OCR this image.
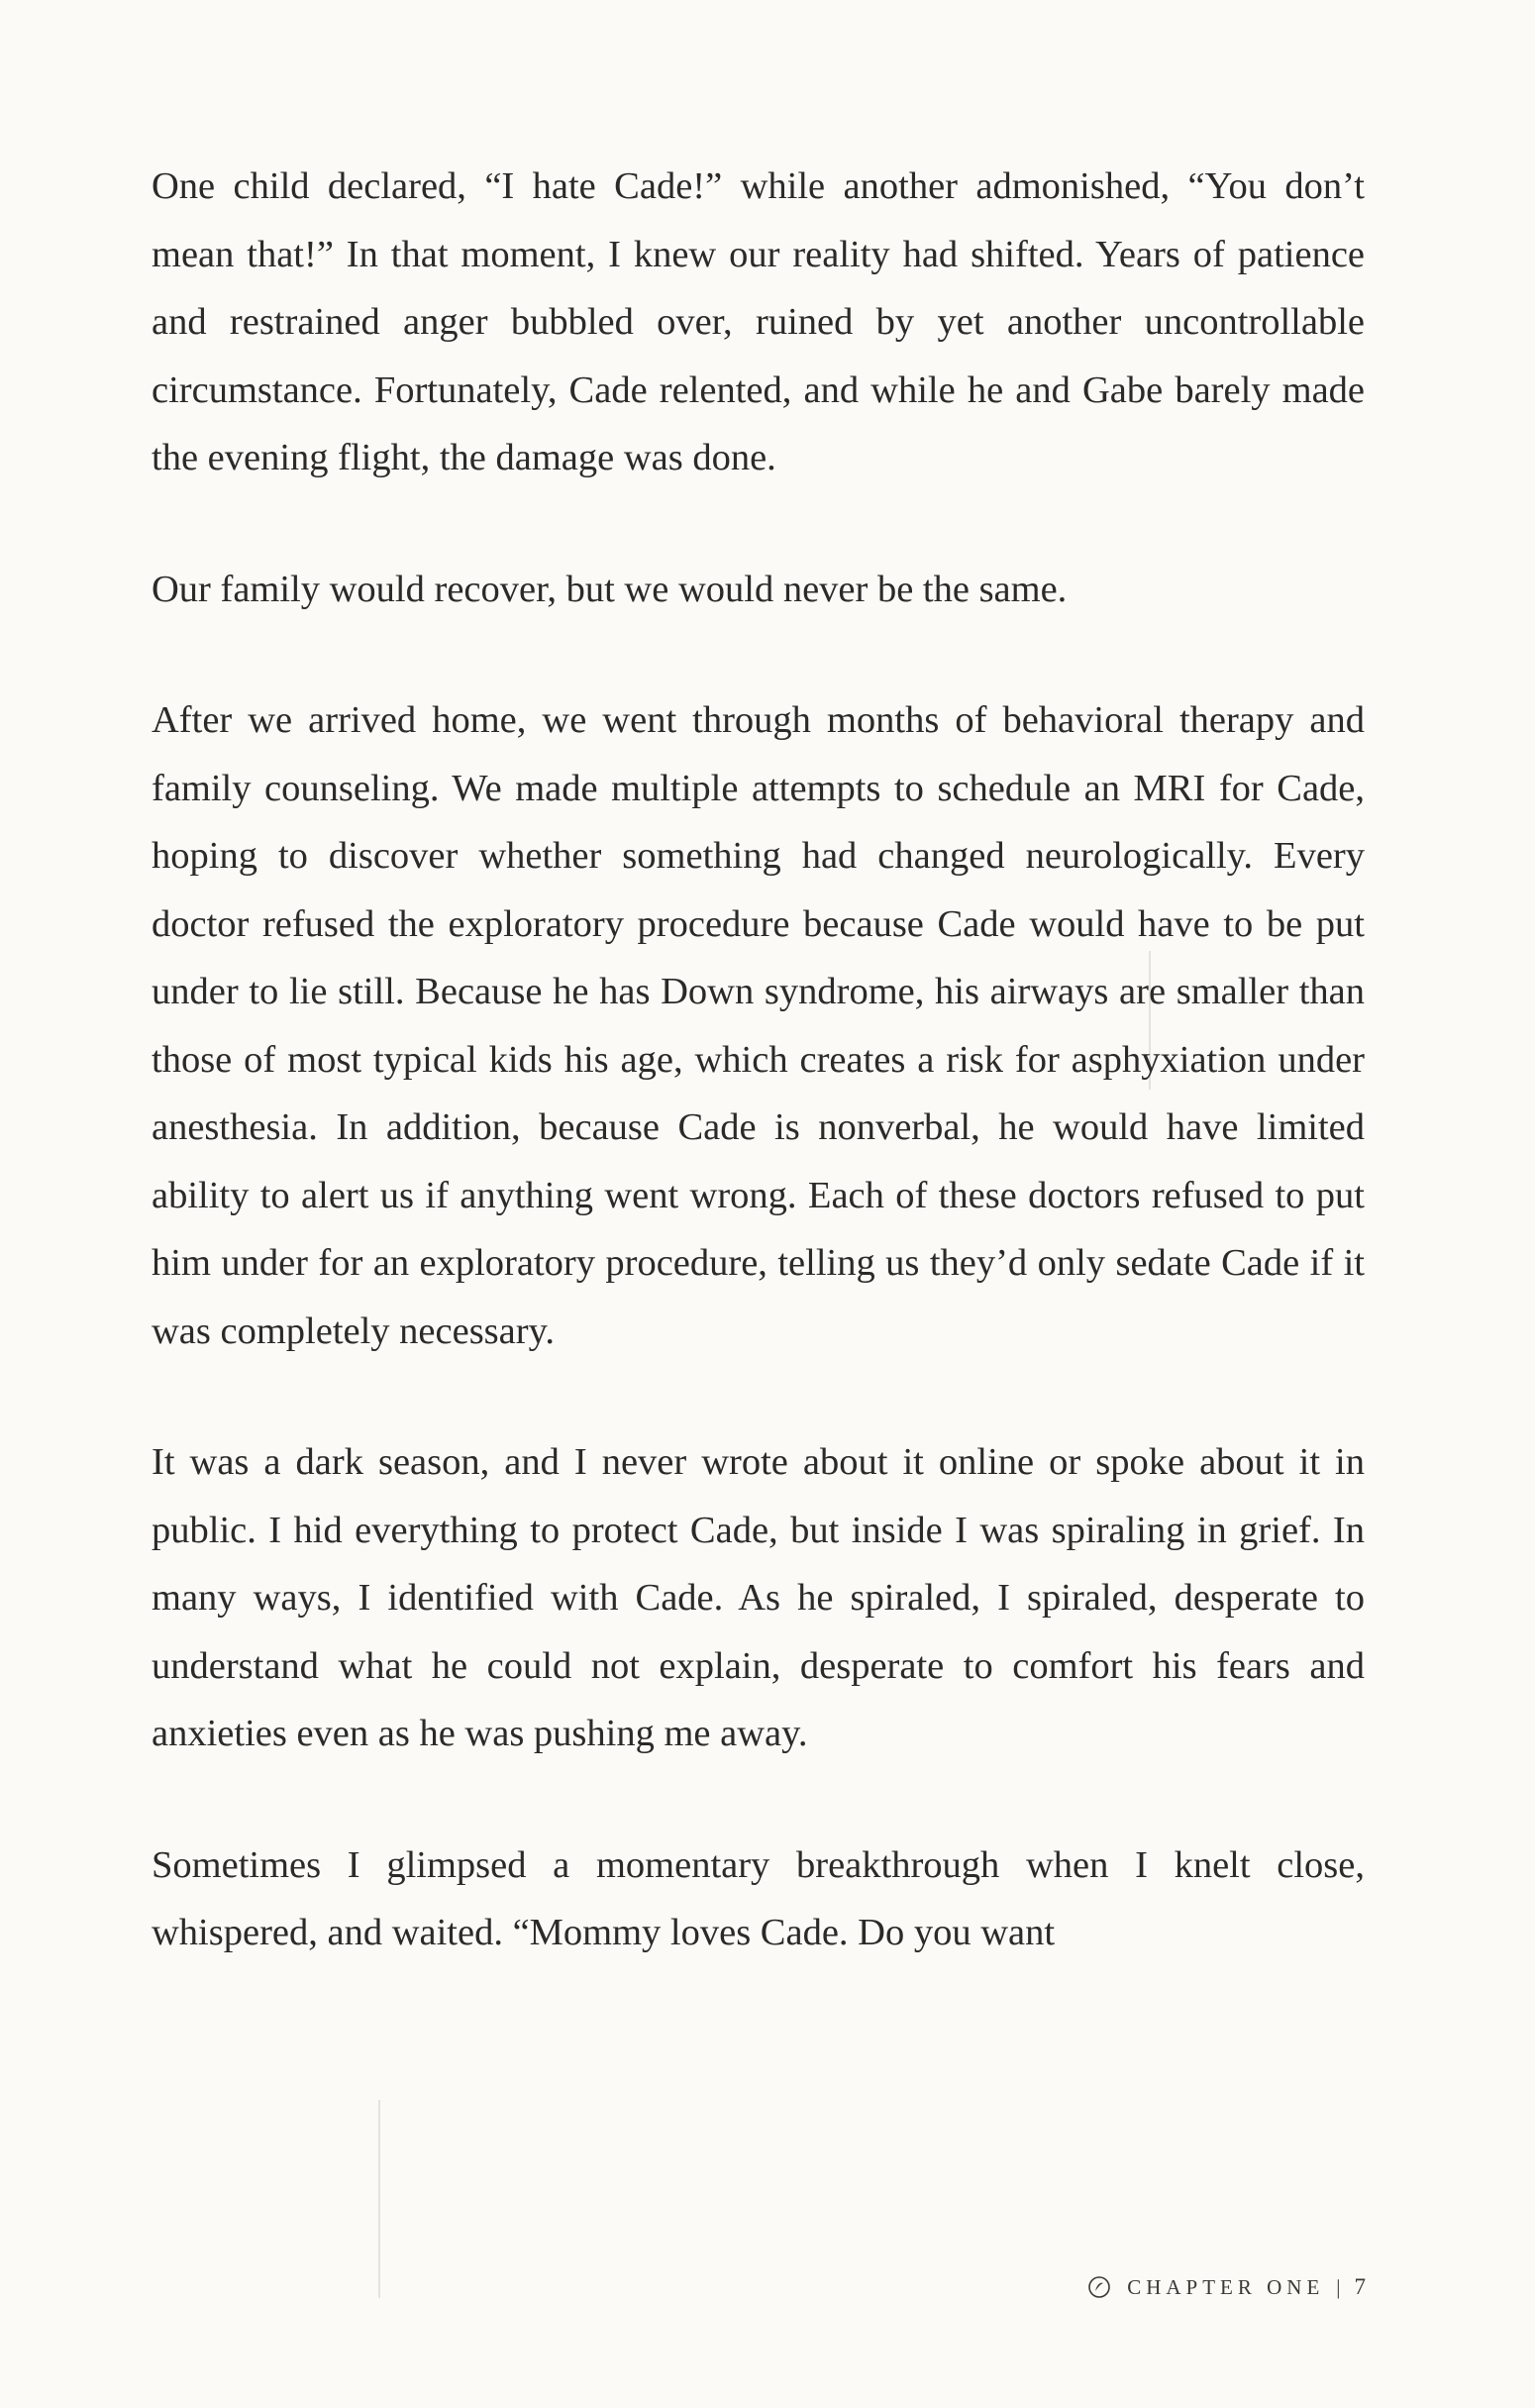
One child declared, “I hate Cade!” while another admonished, “You don’t mean that!” In that moment, I knew our reality had shifted. Years of patience and restrained anger bubbled over, ruined by yet another uncontrollable circumstance. Fortunately, Cade relented, and while he and Gabe barely made the evening flight, the damage was done.

Our family would recover, but we would never be the same.

After we arrived home, we went through months of behavioral therapy and family counseling. We made multiple attempts to schedule an MRI for Cade, hoping to discover whether something had changed neurologically. Every doctor refused the exploratory procedure because Cade would have to be put under to lie still. Because he has Down syndrome, his airways are smaller than those of most typical kids his age, which creates a risk for asphyxiation under anesthesia. In addition, because Cade is nonverbal, he would have limited ability to alert us if anything went wrong. Each of these doctors refused to put him under for an exploratory procedure, telling us they’d only sedate Cade if it was completely necessary.

It was a dark season, and I never wrote about it online or spoke about it in public. I hid everything to protect Cade, but inside I was spiraling in grief. In many ways, I identified with Cade. As he spiraled, I spiraled, desperate to understand what he could not explain, desperate to comfort his fears and anxieties even as he was pushing me away.

Sometimes I glimpsed a momentary breakthrough when I knelt close, whispered, and waited. “Mommy loves Cade. Do you want

CHAPTER ONE | 7
